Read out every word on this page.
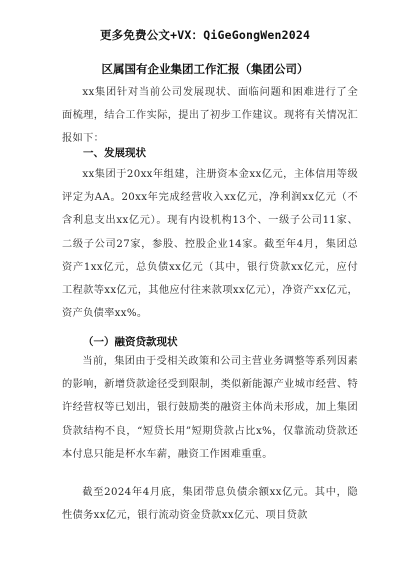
更多免费公文+VX：QiGeGongWen2024
区属国有企业集团工作汇报（集团公司）

xx集团针对当前公司发展现状、面临问题和困难进行了全面梳理，结合工作实际，提出了初步工作建议。现将有关情况汇报如下：

一、发展现状

xx集团于20xx年组建，注册资本金xx亿元，主体信用等级评定为AA。20xx年完成经营收入xx亿元，净利润xx亿元（不含利息支出xx亿元）。现有内设机构13个、一级子公司11家、二级子公司27家，参股、控股企业14家。截至年4月，集团总资产1xx亿元，总负债xx亿元（其中，银行贷款xx亿元，应付工程款等xx亿元，其他应付往来款项xx亿元），净资产xx亿元，资产负债率xx%。

（一）融资贷款现状

当前，集团由于受相关政策和公司主营业务调整等系列因素的影响，新增贷款途径受到限制，类似新能源产业城市经营、特许经营权等已划出，银行鼓励类的融资主体尚未形成，加上集团贷款结构不良，“短贷长用”短期贷款占比x%，仅靠流动贷款还本付息只能是杯水车薪，融资工作困难重重。

截至2024年4月底，集团带息负债余额xx亿元。其中，隐性债务xx亿元，银行流动资金贷款xx亿元、项目贷款
